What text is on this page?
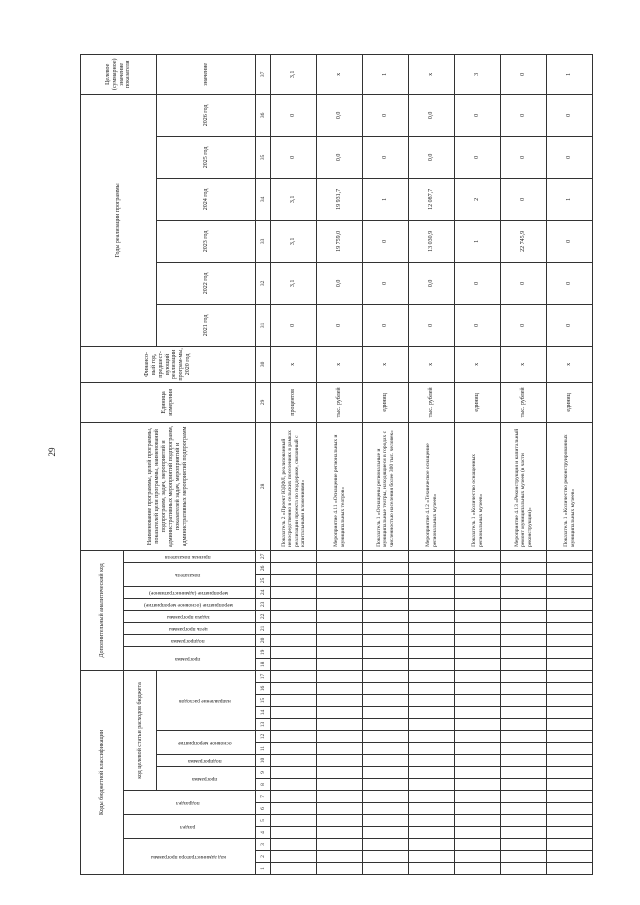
29
Коды бюджетной классификации																	Дополнительный аналитический код										Наименование программы, целей программы, показателей цели программы, наименований подпрограмм, задач, мероприятий и административных мероприятий подпрограмм, показателей задач, мероприятий и административных мероприятий подпрограмм	Единица измерения	Финансо-вый год, предшест-вующий реализации програм-мы, 2020 год	Годы реализации программы						Целевое (суммарное) значение показателя
код администратора программы			раздел		подраздел		код целевой статьи расходов бюджета										программа		подпрограмма	цель программы	задача программы	мероприятие (основное мероприятие)	мероприятие (административное)	показатель		признак показателя										
							программа		подпрограмма	основное мероприятие		направление расходов																		2021 год	2022 год	2023 год	2024 год	2025 год	2026 год	значение
1	2	3	4	5	6	7	8	9	10	11	12	13	14	15	16	17	18	19	20	21	22	23	24	25	26	27	28	29	30	31	32	33	34	35	36	37
																											Показатель 2 «Проект ЮДФЛ, реализованный непосредственно в сельских поселениях в рамках реализации проекта по поддержке, связанный с капитальными вложениями»	процентов	х	0	3,1	3,1	3,1	0	0	3,1
																											Мероприятие 4.11 «Оснащение региональных и муниципальных театров»	тыс. рублей	х	0	0,0	19 759,0	19 931,7	0,0	0,0	х
																											Показатель 1 «Оснащены региональные и муниципальные театры, находящиеся в городах с численностью населения более 300 тыс. человек»	единиц	х	0	0	0	1	0	0	1
																											Мероприятие 4.12 «Техническое оснащение региональных музеев»	тыс. рублей	х	0	0,0	13 030,9	12 087,7	0,0	0,0	х
																											Показатель 1 «Количество оснащенных региональных музеев»	единиц	х	0	0	1	2	0	0	3
																											Мероприятие 4.13 «Реконструкция и капитальный ремонт муниципальных музеев (в части реконструкции)»	тыс. рублей	х	0	0	22 745,9	0	0	0	0
																											Показатель 1 «Количество реконструированных муниципальных музеев»	единиц	х	0	0	0	1	0	0	1
